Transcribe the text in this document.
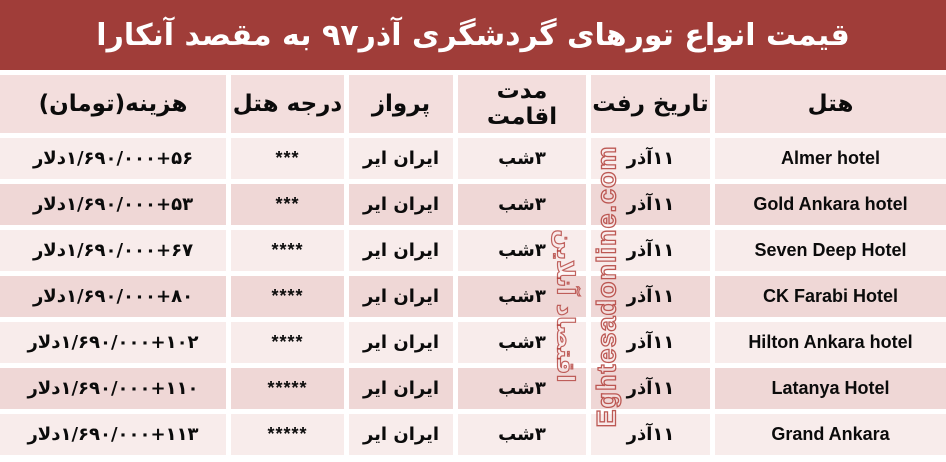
قیمت انواع تورهای گردشگری آذر۹۷ به مقصد آنکارا
هتل	تاریخ رفت	مدت اقامت	پرواز	درجه هتل	هزینه(تومان)
Almer hotel	۱۱آذر	۳شب	ایران ایر	***	۱/۶۹۰/۰۰۰+۵۶دلار
Gold Ankara hotel	۱۱آذر	۳شب	ایران ایر	***	۱/۶۹۰/۰۰۰+۵۳دلار
Seven Deep Hotel	۱۱آذر	۳شب	ایران ایر	****	۱/۶۹۰/۰۰۰+۶۷دلار
CK Farabi Hotel	۱۱آذر	۳شب	ایران ایر	****	۱/۶۹۰/۰۰۰+۸۰دلار
Hilton Ankara hotel	۱۱آذر	۳شب	ایران ایر	****	۱/۶۹۰/۰۰۰+۱۰۲دلار
Latanya Hotel	۱۱آذر	۳شب	ایران ایر	*****	۱/۶۹۰/۰۰۰+۱۱۰دلار
Grand Ankara	۱۱آذر	۳شب	ایران ایر	*****	۱/۶۹۰/۰۰۰+۱۱۳دلار
Eghtesadonline.com
اقتصاد آنلاین
